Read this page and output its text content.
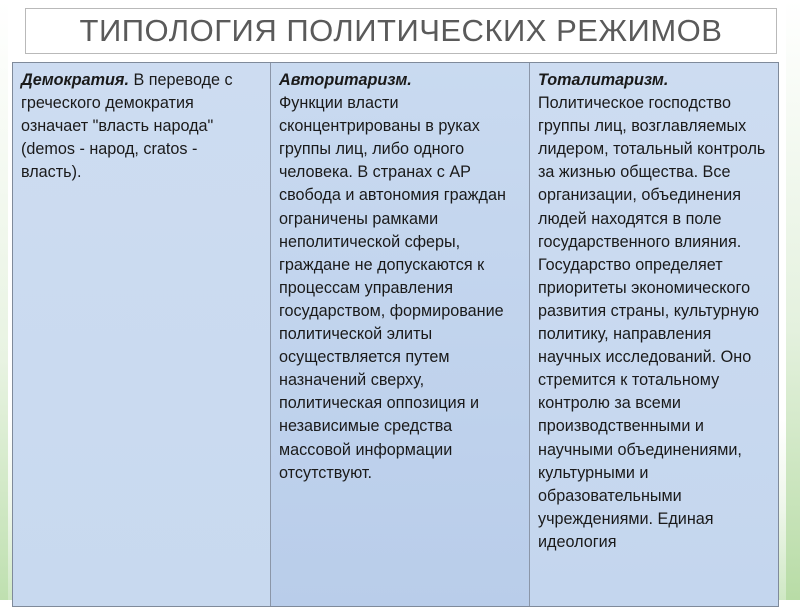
ТИПОЛОГИЯ ПОЛИТИЧЕСКИХ РЕЖИМОВ

Демократия. В переводе с греческого демократия означает "власть народа" (demos - народ, cratos - власть).

Авторитаризм.
Функции власти сконцентрированы в руках группы лиц, либо одного человека. В странах с АР свобода и автономия граждан ограничены рамками неполитической сферы, граждане не допускаются к процессам управления государством, формирование политической элиты осуществляется путем назначений сверху, политическая оппозиция и независимые средства массовой информации отсутствуют.

Тоталитаризм.
Политическое господство группы лиц, возглавляемых лидером, тотальный контроль за жизнью общества. Все организации, объединения людей находятся в поле государственного влияния. Государство определяет приоритеты экономического развития страны, культурную политику, направления научных исследований. Оно стремится к тотальному контролю за всеми производственными и научными объединениями, культурными и образовательными учреждениями. Единая идеология
